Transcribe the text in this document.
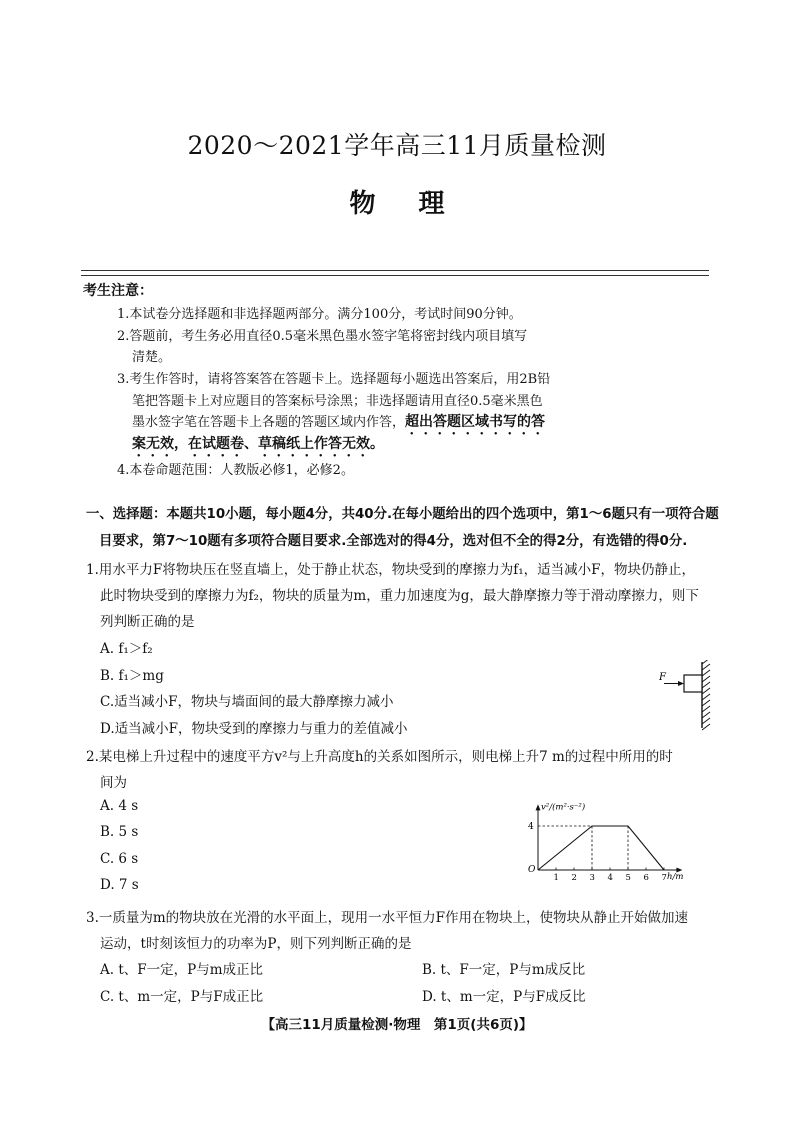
2020～2021学年高三11月质量检测
物 理
考生注意：
1.本试卷分选择题和非选择题两部分。满分100分，考试时间90分钟。
2.答题前，考生务必用直径0.5毫米黑色墨水签字笔将密封线内项目填写
清楚。
3.考生作答时，请将答案答在答题卡上。选择题每小题选出答案后，用2B铅
笔把答题卡上对应题目的答案标号涂黑；非选择题请用直径0.5毫米黑色
墨水签字笔在答题卡上各题的答题区域内作答，超出答题区域书写的答
案无效，在试题卷、草稿纸上作答无效。
4.本卷命题范围：人教版必修1，必修2。
一、选择题：本题共10小题，每小题4分，共40分.在每小题给出的四个选项中，第1～6题只有一项符合题
目要求，第7～10题有多项符合题目要求.全部选对的得4分，选对但不全的得2分，有选错的得0分.
1.用水平力F将物块压在竖直墙上，处于静止状态，物块受到的摩擦力为f₁，适当减小F，物块仍静止，
此时物块受到的摩擦力为f₂，物块的质量为m，重力加速度为g，最大静摩擦力等于滑动摩擦力，则下
列判断正确的是
A. f₁＞f₂
B. f₁＞mg
C.适当减小F，物块与墙面间的最大静摩擦力减小
D.适当减小F，物块受到的摩擦力与重力的差值减小
F
2.某电梯上升过程中的速度平方v²与上升高度h的关系如图所示，则电梯上升7 m的过程中所用的时
间为
A. 4 s
B. 5 s
C. 6 s
D. 7 s	1 2 3 4 5 6 7
4
v²/(m²·s⁻²)
h/m
O
3.一质量为m的物块放在光滑的水平面上，现用一水平恒力F作用在物块上，使物块从静止开始做加速
运动，t时刻该恒力的功率为P，则下列判断正确的是
A. t、F一定，P与m成正比	B. t、F一定，P与m成反比
C. t、m一定，P与F成正比	D. t、m一定，P与F成反比
【高三11月质量检测·物理　第1页(共6页)】
